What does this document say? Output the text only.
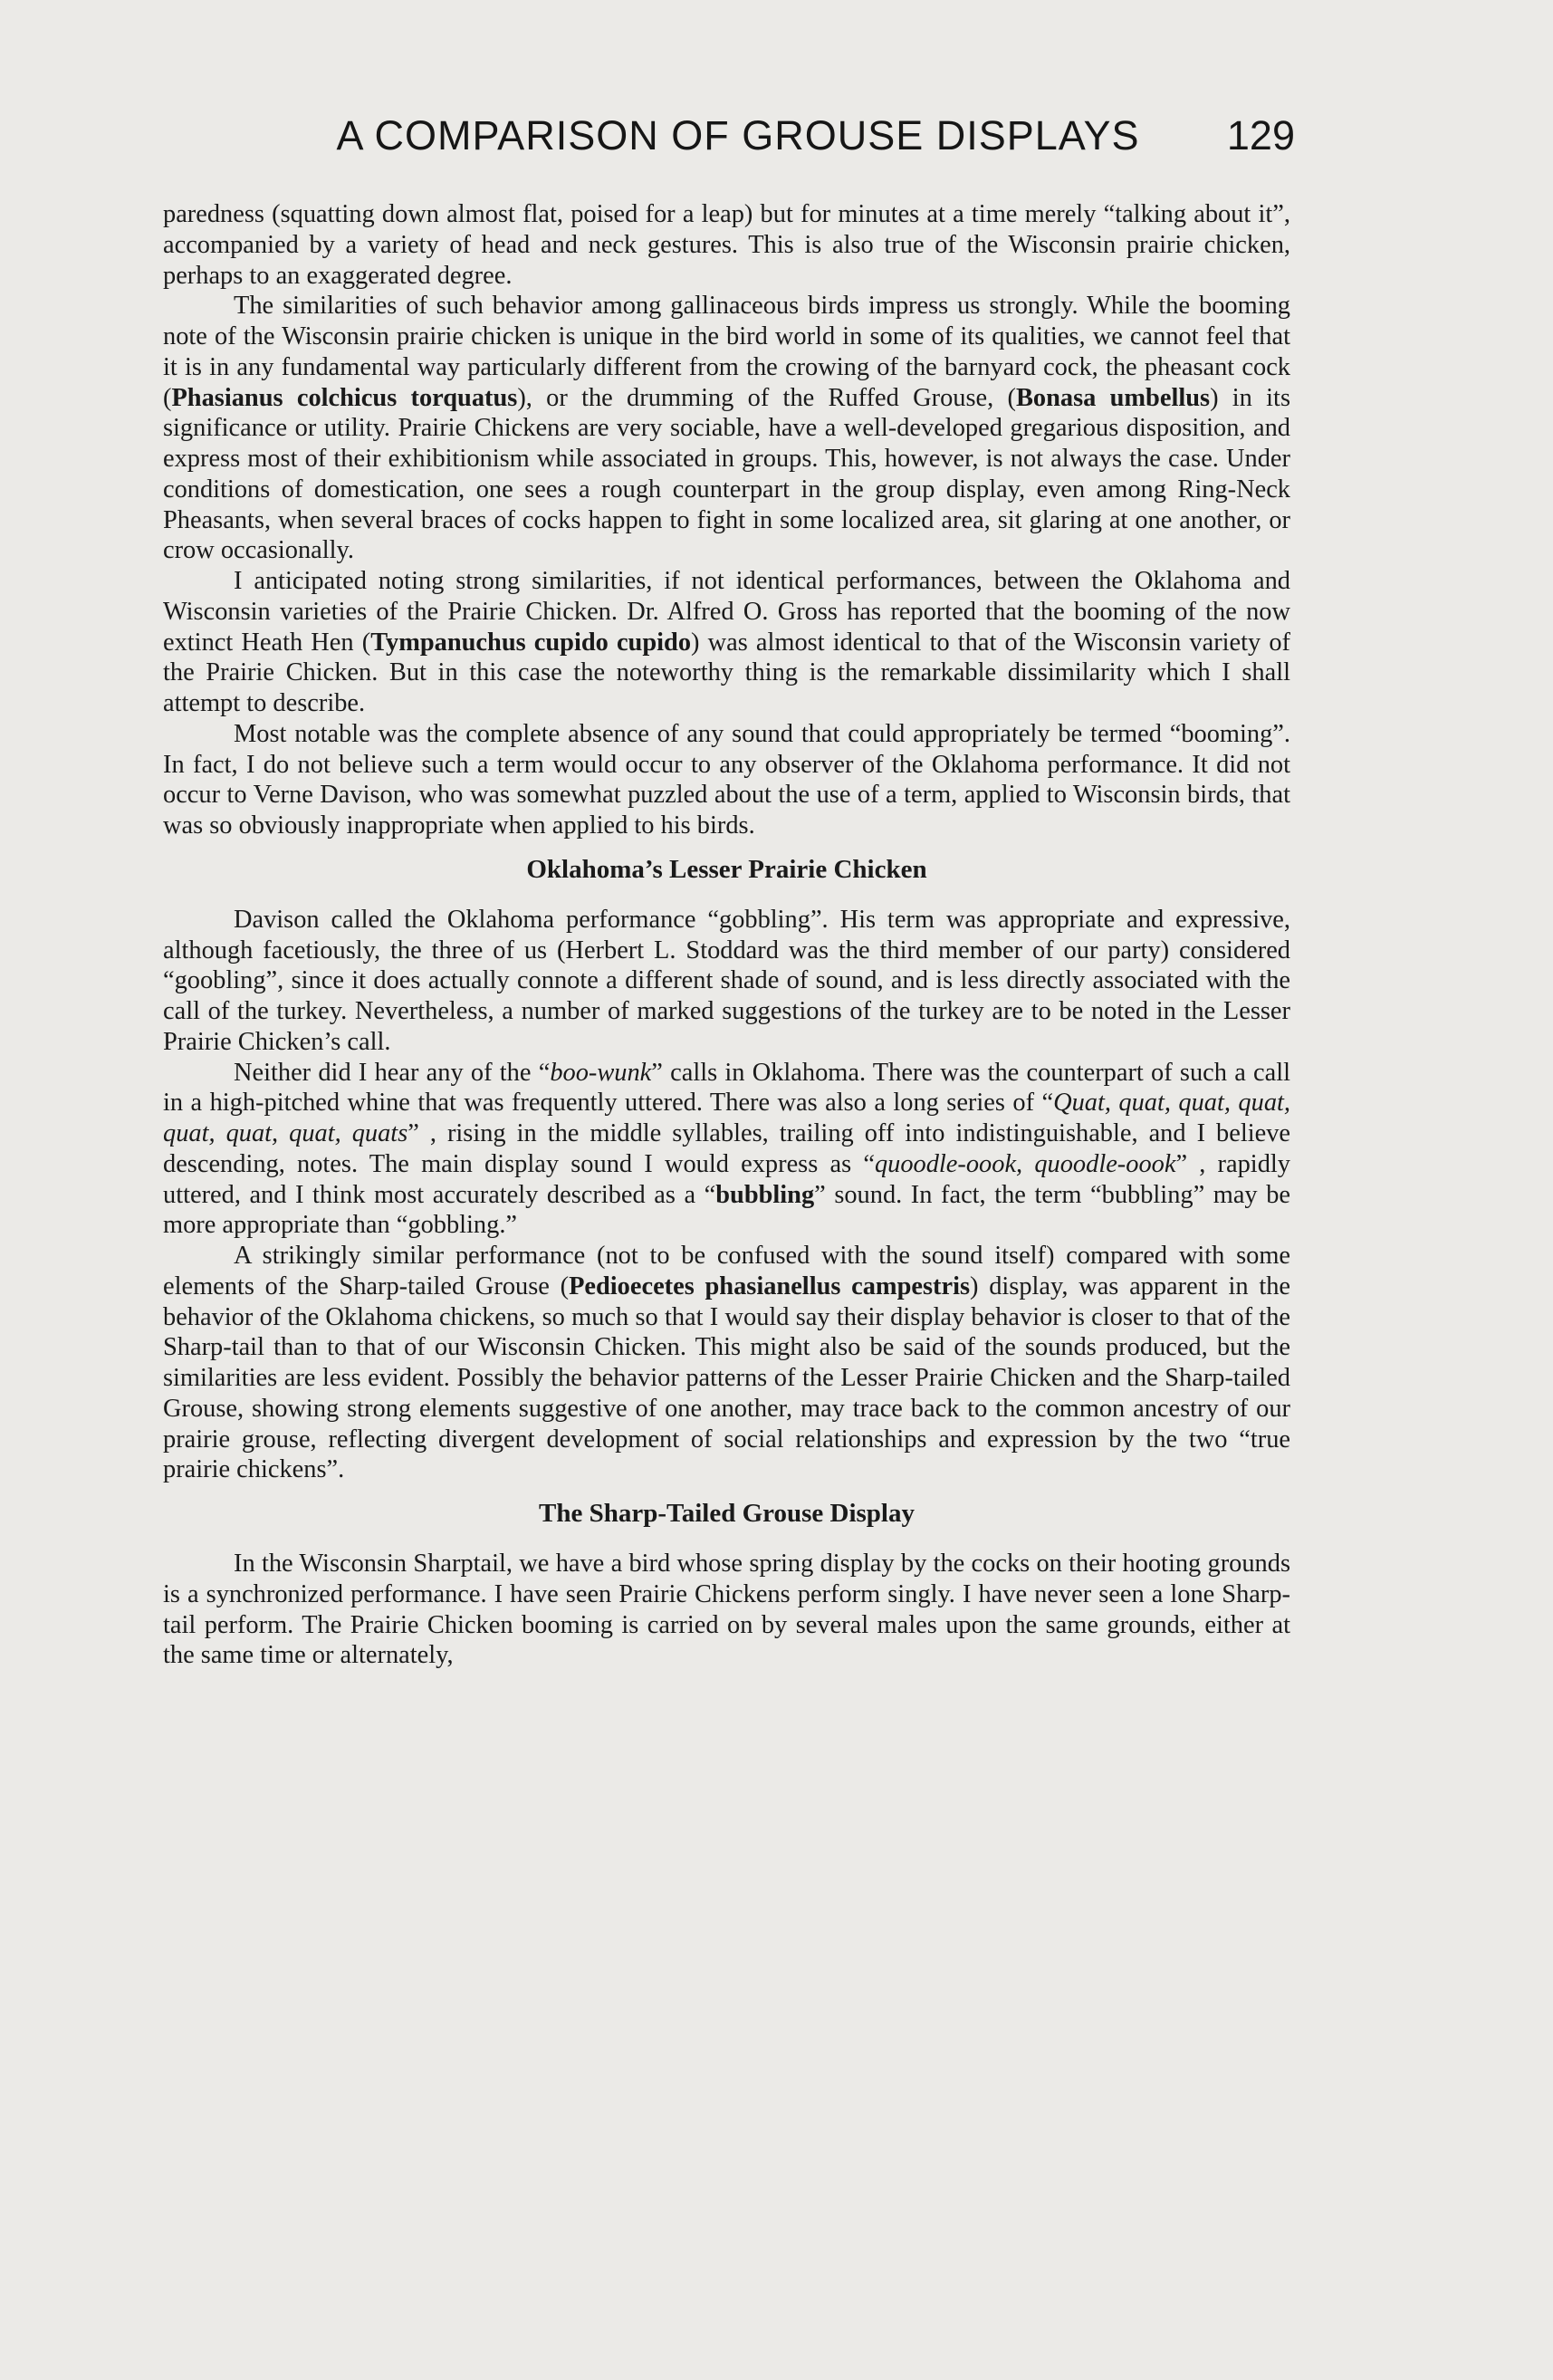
A COMPARISON OF GROUSE DISPLAYS	129

paredness (squatting down almost flat, poised for a leap) but for minutes at a time merely “talking about it”, accompanied by a variety of head and neck gestures. This is also true of the Wisconsin prairie chicken, perhaps to an exaggerated degree.

The similarities of such behavior among gallinaceous birds impress us strongly. While the booming note of the Wisconsin prairie chicken is unique in the bird world in some of its qualities, we cannot feel that it is in any fundamental way particularly different from the crowing of the barnyard cock, the pheasant cock (Phasianus colchicus torquatus), or the drumming of the Ruffed Grouse, (Bonasa umbellus) in its significance or utility. Prairie Chickens are very sociable, have a well-developed gregarious disposition, and express most of their exhibitionism while associated in groups. This, however, is not always the case. Under conditions of domestication, one sees a rough counterpart in the group display, even among Ring-Neck Pheasants, when several braces of cocks happen to fight in some localized area, sit glaring at one another, or crow occasionally.

I anticipated noting strong similarities, if not identical performances, between the Oklahoma and Wisconsin varieties of the Prairie Chicken. Dr. Alfred O. Gross has reported that the booming of the now extinct Heath Hen (Tympanuchus cupido cupido) was almost identical to that of the Wisconsin variety of the Prairie Chicken. But in this case the noteworthy thing is the remarkable dissimilarity which I shall attempt to describe.

Most notable was the complete absence of any sound that could appropriately be termed “booming”. In fact, I do not believe such a term would occur to any observer of the Oklahoma performance. It did not occur to Verne Davison, who was somewhat puzzled about the use of a term, applied to Wisconsin birds, that was so obviously inappropriate when applied to his birds.

Oklahoma’s Lesser Prairie Chicken

Davison called the Oklahoma performance “gobbling”. His term was appropriate and expressive, although facetiously, the three of us (Herbert L. Stoddard was the third member of our party) considered “goobling”, since it does actually connote a different shade of sound, and is less directly associated with the call of the turkey. Nevertheless, a number of marked suggestions of the turkey are to be noted in the Lesser Prairie Chicken’s call.

Neither did I hear any of the “boo-wunk” calls in Oklahoma. There was the counterpart of such a call in a high-pitched whine that was frequently uttered. There was also a long series of “Quat, quat, quat, quat, quat, quat, quat, quats” , rising in the middle syllables, trailing off into indistinguishable, and I believe descending, notes. The main display sound I would express as “quoodle-oook, quoodle-oook” , rapidly uttered, and I think most accurately described as a “bubbling” sound. In fact, the term “bubbling” may be more appropriate than “gobbling.”

A strikingly similar performance (not to be confused with the sound itself) compared with some elements of the Sharp-tailed Grouse (Pedioecetes phasianellus campestris) display, was apparent in the behavior of the Oklahoma chickens, so much so that I would say their display behavior is closer to that of the Sharp-tail than to that of our Wisconsin Chicken. This might also be said of the sounds produced, but the similarities are less evident. Possibly the behavior patterns of the Lesser Prairie Chicken and the Sharp-tailed Grouse, showing strong elements suggestive of one another, may trace back to the common ancestry of our prairie grouse, reflecting divergent development of social relationships and expression by the two “true prairie chickens”.

The Sharp-Tailed Grouse Display

In the Wisconsin Sharptail, we have a bird whose spring display by the cocks on their hooting grounds is a synchronized performance. I have seen Prairie Chickens perform singly. I have never seen a lone Sharp-tail perform. The Prairie Chicken booming is carried on by several males upon the same grounds, either at the same time or alternately,
